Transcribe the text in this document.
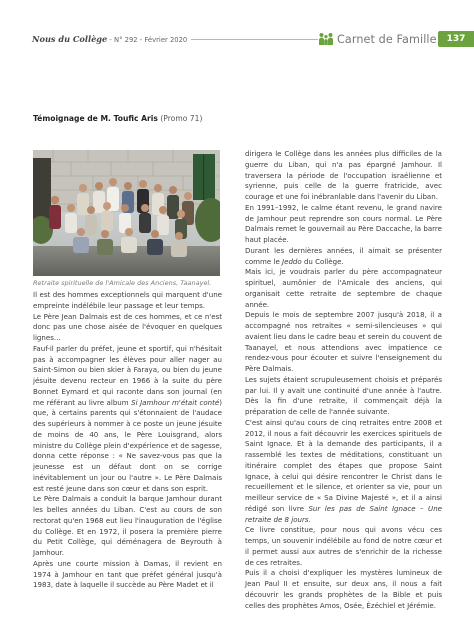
Nous du Collège - N° 292 - Février 2020	Carnet de Famille	137
Témoignage de M. Toufic Aris (Promo 71)
Retraite spirituelle de l'Amicale des Anciens, Taanayel.

Il est des hommes exceptionnels qui marquent d'une empreinte indélébile leur passage et leur temps.

Le Père Jean Dalmais est de ces hommes, et ce n'est donc pas une chose aisée de l'évoquer en quelques lignes…

Fauf-il parler du préfet, jeune et sportif, qui n'hésitait pas à accompagner les élèves pour aller nager au Saint-Simon ou bien skier à Faraya, ou bien du jeune jésuite devenu recteur en 1966 à la suite du père Bonnet Eymard et qui raconte dans son journal (en me référant au livre album Si Jamhour m'était conté) que, à certains parents qui s'étonnaient de l'audace des supérieurs à nommer à ce poste un jeune jésuite de moins de 40 ans, le Père Louisgrand, alors ministre du Collège plein d'expérience et de sagesse, donna cette réponse : « Ne savez-vous pas que la jeunesse est un défaut dont on se corrige inévitablement un jour ou l'autre ». Le Père Dalmais est resté jeune dans son cœur et dans son esprit.

Le Père Dalmais a conduit la barque Jamhour durant les belles années du Liban. C'est au cours de son rectorat qu'en 1968 eut lieu l'inauguration de l'église du Collège. Et en 1972, il posera la première pierre du Petit Collège, qui déménagera de Beyrouth à Jamhour.

Après une courte mission à Damas, il revient en 1974 à Jamhour en tant que préfet général jusqu'à 1983, date à laquelle il succède au Père Madet et il

dirigera le Collège dans les années plus difficiles de la guerre du Liban, qui n'a pas épargné Jamhour. Il traversera la période de l'occupation israélienne et syrienne, puis celle de la guerre fratricide, avec courage et une foi inébranlable dans l'avenir du Liban.

En 1991–1992, le calme étant revenu, le grand navire de Jamhour peut reprendre son cours normal. Le Père Dalmais remet le gouvernail au Père Daccache, la barre haut placée.

Durant les dernières années, il aimait se présenter comme le Jeddo du Collège.

Mais ici, je voudrais parler du père accompagnateur spirituel, aumônier de l'Amicale des anciens, qui organisait cette retraite de septembre de chaque année.

Depuis le mois de septembre 2007 jusqu'à 2018, il a accompagné nos retraites « semi-silencieuses » qui avaient lieu dans le cadre beau et serein du couvent de Taanayel, et nous attendions avec impatience ce rendez-vous pour écouter et suivre l'enseignement du Père Dalmais.

Les sujets étaient scrupuleusement choisis et préparés par lui. Il y avait une continuité d'une année à l'autre. Dès la fin d'une retraite, il commençait déjà la préparation de celle de l'année suivante.

C'est ainsi qu'au cours de cinq retraites entre 2008 et 2012, il nous a fait découvrir les exercices spirituels de Saint Ignace. Et à la demande des participants, il a rassemblé les textes de méditations, constituant un itinéraire complet des étapes que propose Saint Ignace, à celui qui désire rencontrer le Christ dans le recueillement et le silence, et orienter sa vie, pour un meilleur service de « Sa Divine Majesté », et il a ainsi rédigé son livre Sur les pas de Saint Ignace – Une retraite de 8 jours.

Ce livre constitue, pour nous qui avons vécu ces temps, un souvenir indélébile au fond de notre cœur et il permet aussi aux autres de s'enrichir de la richesse de ces retraites.

Puis il a choisi d'expliquer les mystères lumineux de Jean Paul II et ensuite, sur deux ans, il nous a fait découvrir les grands prophètes de la Bible et puis celles des prophètes Amos, Osée, Ézéchiel et Jérémie.
